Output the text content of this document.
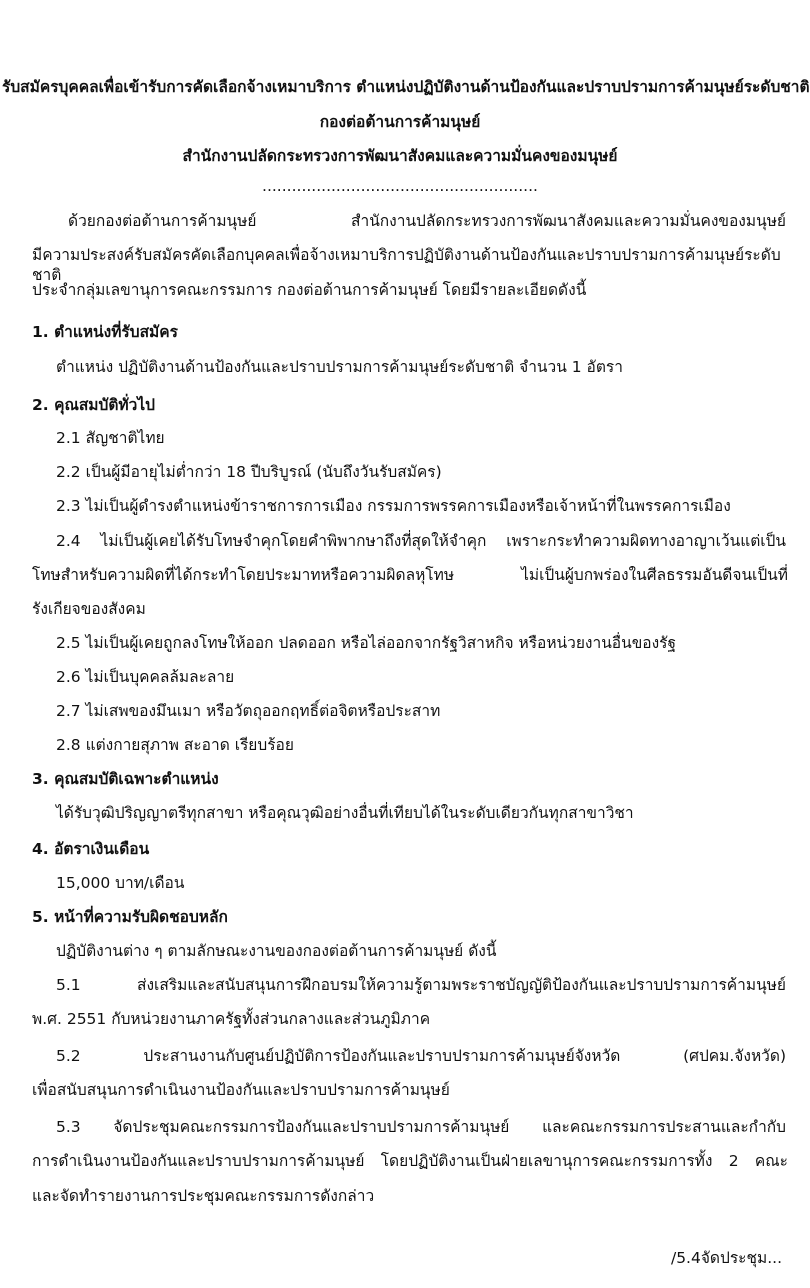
รับสมัครบุคคลเพื่อเข้ารับการคัดเลือกจ้างเหมาบริการ ตำแหน่งปฏิบัติงานด้านป้องกันและปราบปรามการค้ามนุษย์ระดับชาติ
กองต่อต้านการค้ามนุษย์
สำนักงานปลัดกระทรวงการพัฒนาสังคมและความมั่นคงของมนุษย์
........................................................
ด้วยกองต่อต้านการค้ามนุษย์ สำนักงานปลัดกระทรวงการพัฒนาสังคมและความมั่นคงของมนุษย์
มีความประสงค์รับสมัครคัดเลือกบุคคลเพื่อจ้างเหมาบริการปฏิบัติงานด้านป้องกันและปราบปรามการค้ามนุษย์ระดับชาติ
ประจำกลุ่มเลขานุการคณะกรรมการ กองต่อต้านการค้ามนุษย์ โดยมีรายละเอียดดังนี้
1. ตำแหน่งที่รับสมัคร
ตำแหน่ง ปฏิบัติงานด้านป้องกันและปราบปรามการค้ามนุษย์ระดับชาติ จำนวน 1 อัตรา
2. คุณสมบัติทั่วไป
2.1 สัญชาติไทย
2.2 เป็นผู้มีอายุไม่ต่ำกว่า 18 ปีบริบูรณ์ (นับถึงวันรับสมัคร)
2.3 ไม่เป็นผู้ดำรงตำแหน่งข้าราชการการเมือง กรรมการพรรคการเมืองหรือเจ้าหน้าที่ในพรรคการเมือง
2.4 ไม่เป็นผู้เคยได้รับโทษจำคุกโดยคำพิพากษาถึงที่สุดให้จำคุก เพราะกระทำความผิดทางอาญาเว้นแต่เป็น
โทษสำหรับความผิดที่ได้กระทำโดยประมาทหรือความผิดลหุโทษ ไม่เป็นผู้บกพร่องในศีลธรรมอันดีจนเป็นที่
รังเกียจของสังคม
2.5 ไม่เป็นผู้เคยถูกลงโทษให้ออก ปลดออก หรือไล่ออกจากรัฐวิสาหกิจ หรือหน่วยงานอื่นของรัฐ
2.6 ไม่เป็นบุคคลล้มละลาย
2.7 ไม่เสพของมึนเมา หรือวัตถุออกฤทธิ์ต่อจิตหรือประสาท
2.8 แต่งกายสุภาพ สะอาด เรียบร้อย
3. คุณสมบัติเฉพาะตำแหน่ง
ได้รับวุฒิปริญญาตรีทุกสาขา หรือคุณวุฒิอย่างอื่นที่เทียบได้ในระดับเดียวกันทุกสาขาวิชา
4. อัตราเงินเดือน
15,000 บาท/เดือน
5. หน้าที่ความรับผิดชอบหลัก
ปฏิบัติงานต่าง ๆ ตามลักษณะงานของกองต่อต้านการค้ามนุษย์ ดังนี้
5.1 ส่งเสริมและสนับสนุนการฝึกอบรมให้ความรู้ตามพระราชบัญญัติป้องกันและปราบปรามการค้ามนุษย์
พ.ศ. 2551 กับหน่วยงานภาครัฐทั้งส่วนกลางและส่วนภูมิภาค
5.2 ประสานงานกับศูนย์ปฏิบัติการป้องกันและปราบปรามการค้ามนุษย์จังหวัด (ศปคม.จังหวัด)
เพื่อสนับสนุนการดำเนินงานป้องกันและปราบปรามการค้ามนุษย์
5.3 จัดประชุมคณะกรรมการป้องกันและปราบปรามการค้ามนุษย์ และคณะกรรมการประสานและกำกับ
การดำเนินงานป้องกันและปราบปรามการค้ามนุษย์ โดยปฏิบัติงานเป็นฝ่ายเลขานุการคณะกรรมการทั้ง 2 คณะ
และจัดทำรายงานการประชุมคณะกรรมการดังกล่าว
/5.4จัดประชุม...
